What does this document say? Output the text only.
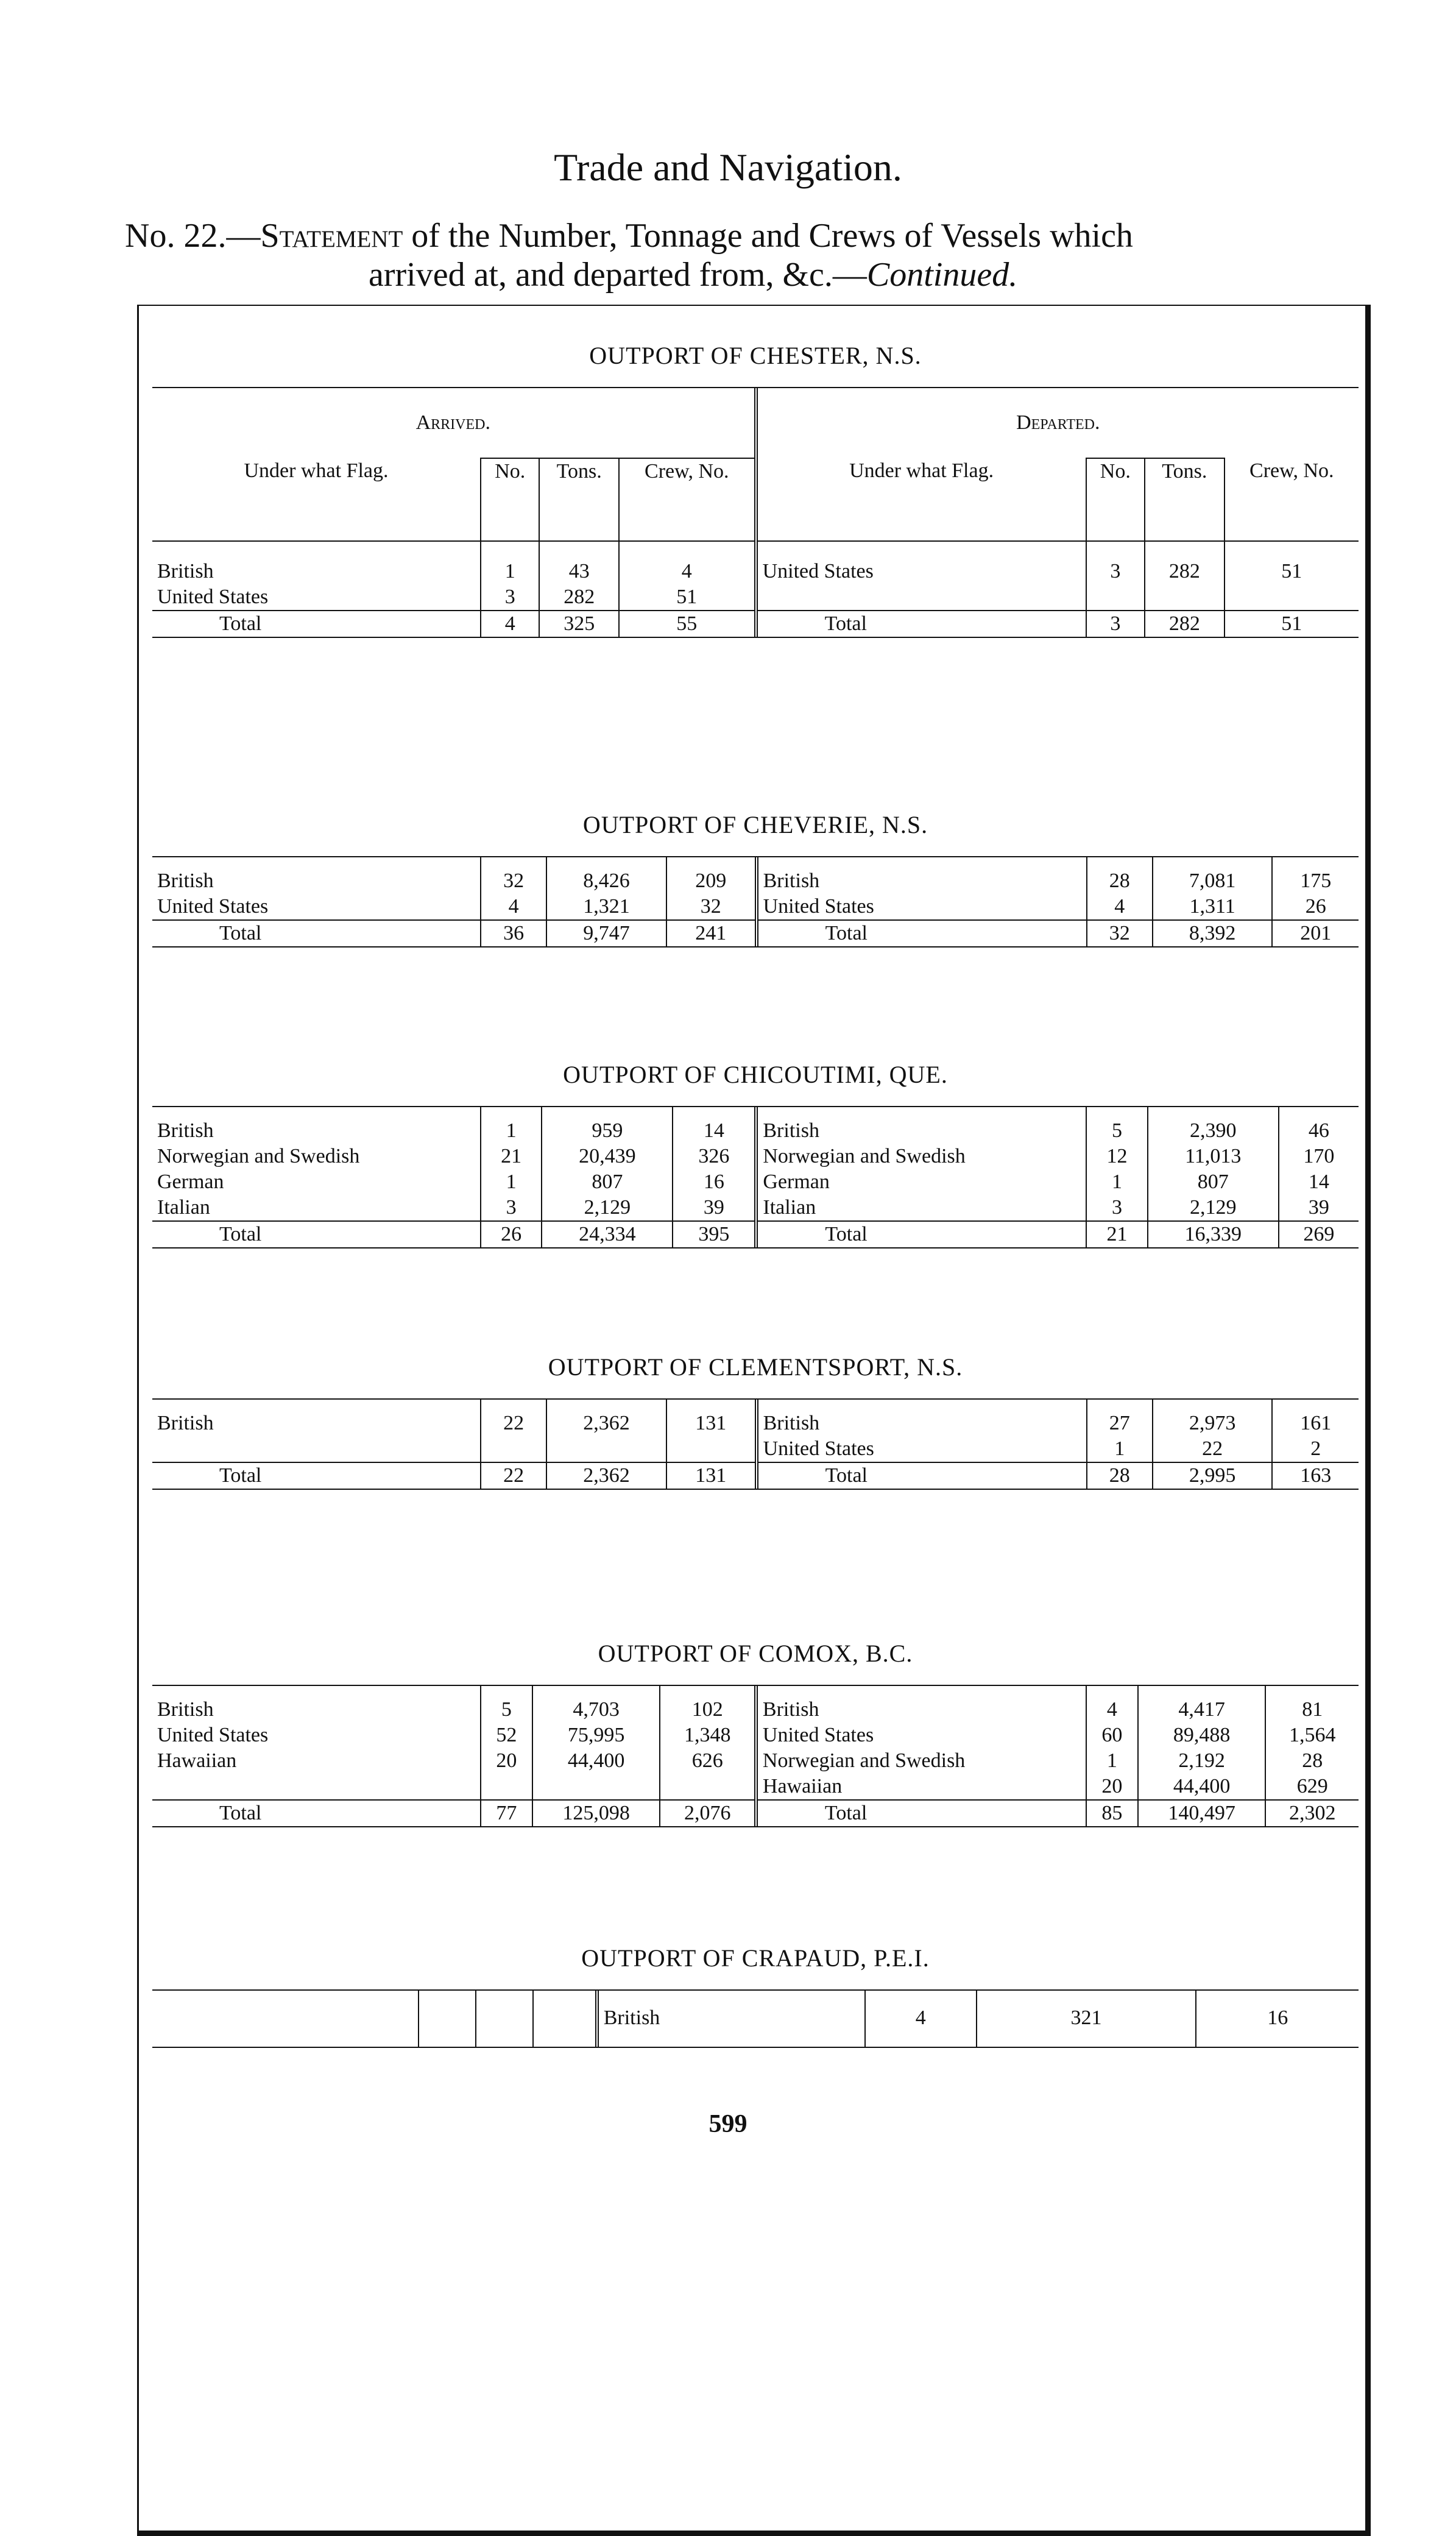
Trade and Navigation.
No. 22.—Statement of the Number, Tonnage and Crews of Vessels which
arrived at, and departed from, &c.—Continued.
OUTPORT OF CHESTER, N.S.
Arrived.				Departed.			
Under what Flag.	No.	Tons.	Crew, No.	Under what Flag.	No.	Tons.	Crew, No.
British	1	43	4	United States	3	282	51
United States	3	282	51				
Total	4	325	55	Total	3	282	51
OUTPORT OF CHEVERIE, N.S.
British	32	8,426	209	British	28	7,081	175
United States	4	1,321	32	United States	4	1,311	26
Total	36	9,747	241	Total	32	8,392	201
OUTPORT OF CHICOUTIMI, QUE.
British	1	959	14	British	5	2,390	46
Norwegian and Swedish	21	20,439	326	Norwegian and Swedish	12	11,013	170
German	1	807	16	German	1	807	14
Italian	3	2,129	39	Italian	3	2,129	39
Total	26	24,334	395	Total	21	16,339	269
OUTPORT OF CLEMENTSPORT, N.S.
British	22	2,362	131	British	27	2,973	161
				United States	1	22	2
Total	22	2,362	131	Total	28	2,995	163
OUTPORT OF COMOX, B.C.
British	5	4,703	102	British	4	4,417	81
United States	52	75,995	1,348	United States	60	89,488	1,564
Hawaiian	20	44,400	626	Norwegian and Swedish	1	2,192	28
				Hawaiian	20	44,400	629
Total	77	125,098	2,076	Total	85	140,497	2,302
OUTPORT OF CRAPAUD, P.E.I.
				British	4	321	16
599
